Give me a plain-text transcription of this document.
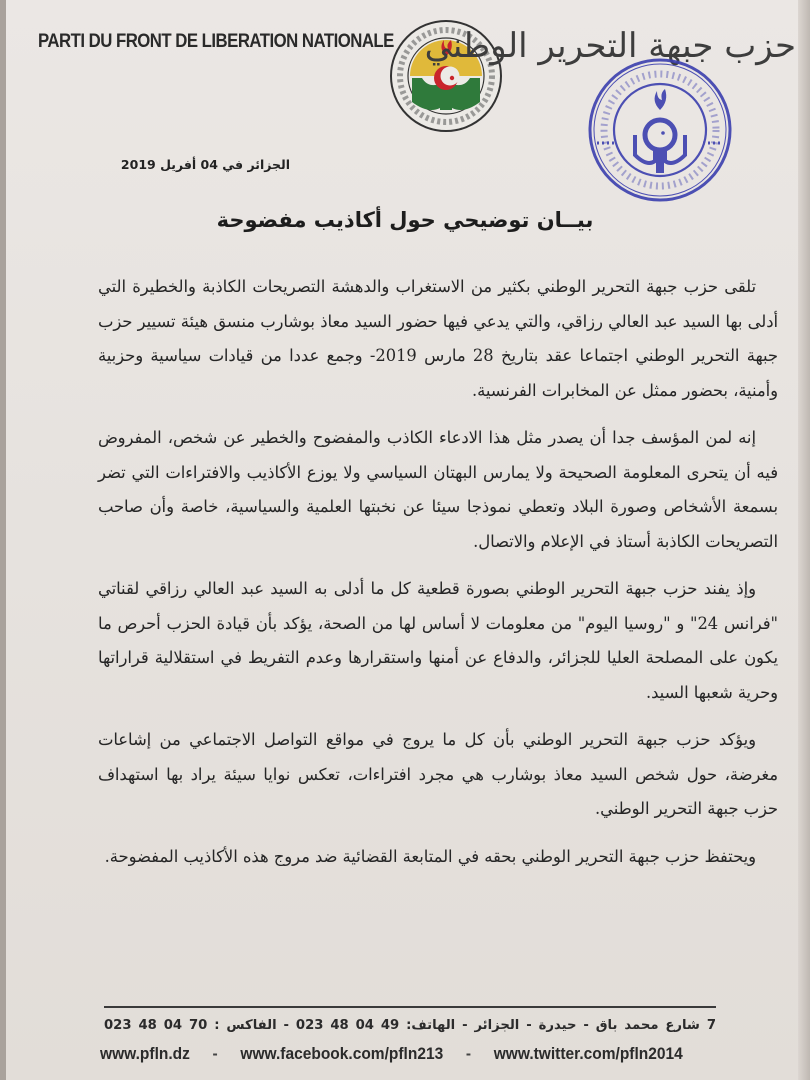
PARTI DU FRONT DE LIBERATION NATIONALE حزب جبهة التحرير الوطني
الجزائر في 04 أفريل 2019
بيــان توضيحي حول أكاذيب مفضوحة

تلقى حزب جبهة التحرير الوطني بكثير من الاستغراب والدهشة التصريحات الكاذبة والخطيرة التي أدلى بها السيد عبد العالي رزاقي، والتي يدعي فيها حضور السيد معاذ بوشارب منسق هيئة تسيير حزب جبهة التحرير الوطني اجتماعا عقد بتاريخ 28 مارس 2019- وجمع عددا من قيادات سياسية وحزبية وأمنية، بحضور ممثل عن المخابرات الفرنسية.

إنه لمن المؤسف جدا أن يصدر مثل هذا الادعاء الكاذب والمفضوح والخطير عن شخص، المفروض فيه أن يتحرى المعلومة الصحيحة ولا يمارس البهتان السياسي ولا يوزع الأكاذيب والافتراءات التي تضر بسمعة الأشخاص وصورة البلاد وتعطي نموذجا سيئا عن نخبتها العلمية والسياسية، خاصة وأن صاحب التصريحات الكاذبة أستاذ في الإعلام والاتصال.

وإذ يفند حزب جبهة التحرير الوطني بصورة قطعية كل ما أدلى به السيد عبد العالي رزاقي لقناتي "فرانس 24" و "روسيا اليوم" من معلومات لا أساس لها من الصحة، يؤكد بأن قيادة الحزب أحرص ما يكون على المصلحة العليا للجزائر، والدفاع عن أمنها واستقرارها وعدم التفريط في استقلالية قراراتها وحرية شعبها السيد.

ويؤكد حزب جبهة التحرير الوطني بأن كل ما يروج في مواقع التواصل الاجتماعي من إشاعات مغرضة، حول شخص السيد معاذ بوشارب هي مجرد افتراءات، تعكس نوايا سيئة يراد بها استهداف حزب جبهة التحرير الوطني.

ويحتفظ حزب جبهة التحرير الوطني بحقه في المتابعة القضائية ضد مروج هذه الأكاذيب المفضوحة.

7 شارع محمد باق - حيدرة - الجزائر - الهاتف: 49 04 48 023 - الفاكس : 70 04 48 023
www.pfln.dz - www.facebook.com/pfln213 - www.twitter.com/pfln2014
